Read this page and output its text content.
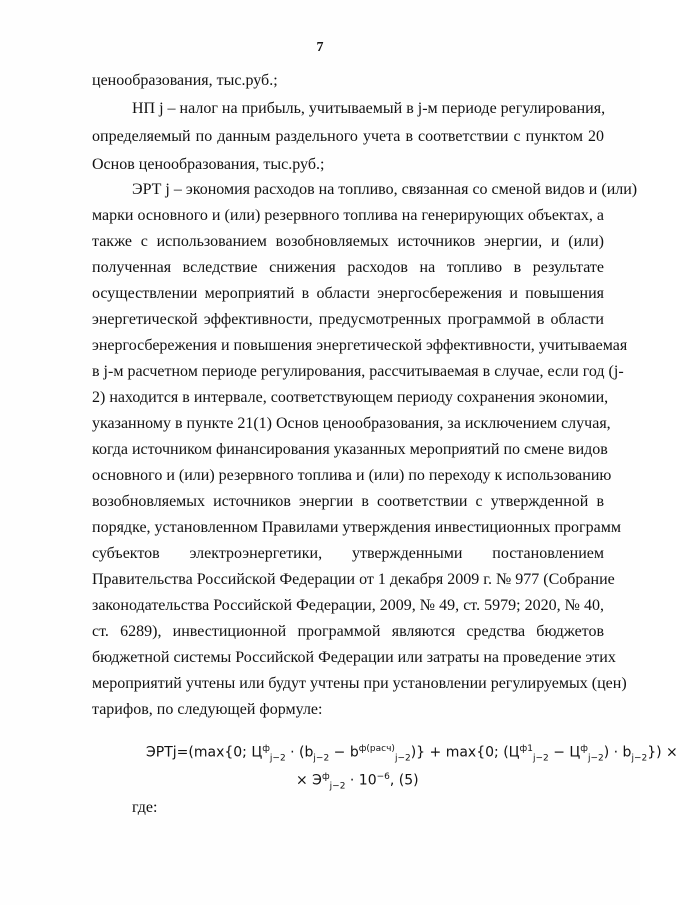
7
ценообразования, тыс.руб.;
НП j – налог на прибыль, учитываемый в j-м периоде регулирования,
определяемый по данным раздельного учета в соответствии с пунктом 20
Основ ценообразования, тыс.руб.;
ЭРТ j – экономия расходов на топливо, связанная со сменой видов и (или)
марки основного и (или) резервного топлива на генерирующих объектах, а
также с использованием возобновляемых источников энергии, и (или)
полученная вследствие снижения расходов на топливо в результате
осуществлении мероприятий в области энергосбережения и повышения
энергетической эффективности, предусмотренных программой в области
энергосбережения и повышения энергетической эффективности, учитываемая
в j-м расчетном периоде регулирования, рассчитываемая в случае, если год (j-
2) находится в интервале, соответствующем периоду сохранения экономии,
указанному в пункте 21(1) Основ ценообразования, за исключением случая,
когда источником финансирования указанных мероприятий по смене видов
основного и (или) резервного топлива и (или) по переходу к использованию
возобновляемых источников энергии в соответствии с утвержденной в
порядке, установленном Правилами утверждения инвестиционных программ
субъектов электроэнергетики, утвержденными постановлением
Правительства Российской Федерации от 1 декабря 2009 г. № 977 (Собрание
законодательства Российской Федерации, 2009, № 49, ст. 5979; 2020, № 40,
ст. 6289), инвестиционной программой являются средства бюджетов
бюджетной системы Российской Федерации или затраты на проведение этих
мероприятий учтены или будут учтены при установлении регулируемых (цен)
тарифов, по следующей формуле:
ЭРТj=(max{0; $Ц^ф_{j-2} \cdot (b_{j-2} - b^{ф(расч)}_{j-2})\} + \max\{0$; $(Ц^{ф1}_{j-2} - Ц^ф_{j-2}) \cdot b_{j-2}$}) ×
× $Э^ф_{j-2} \cdot 10^{-6}$, (5)
где:
